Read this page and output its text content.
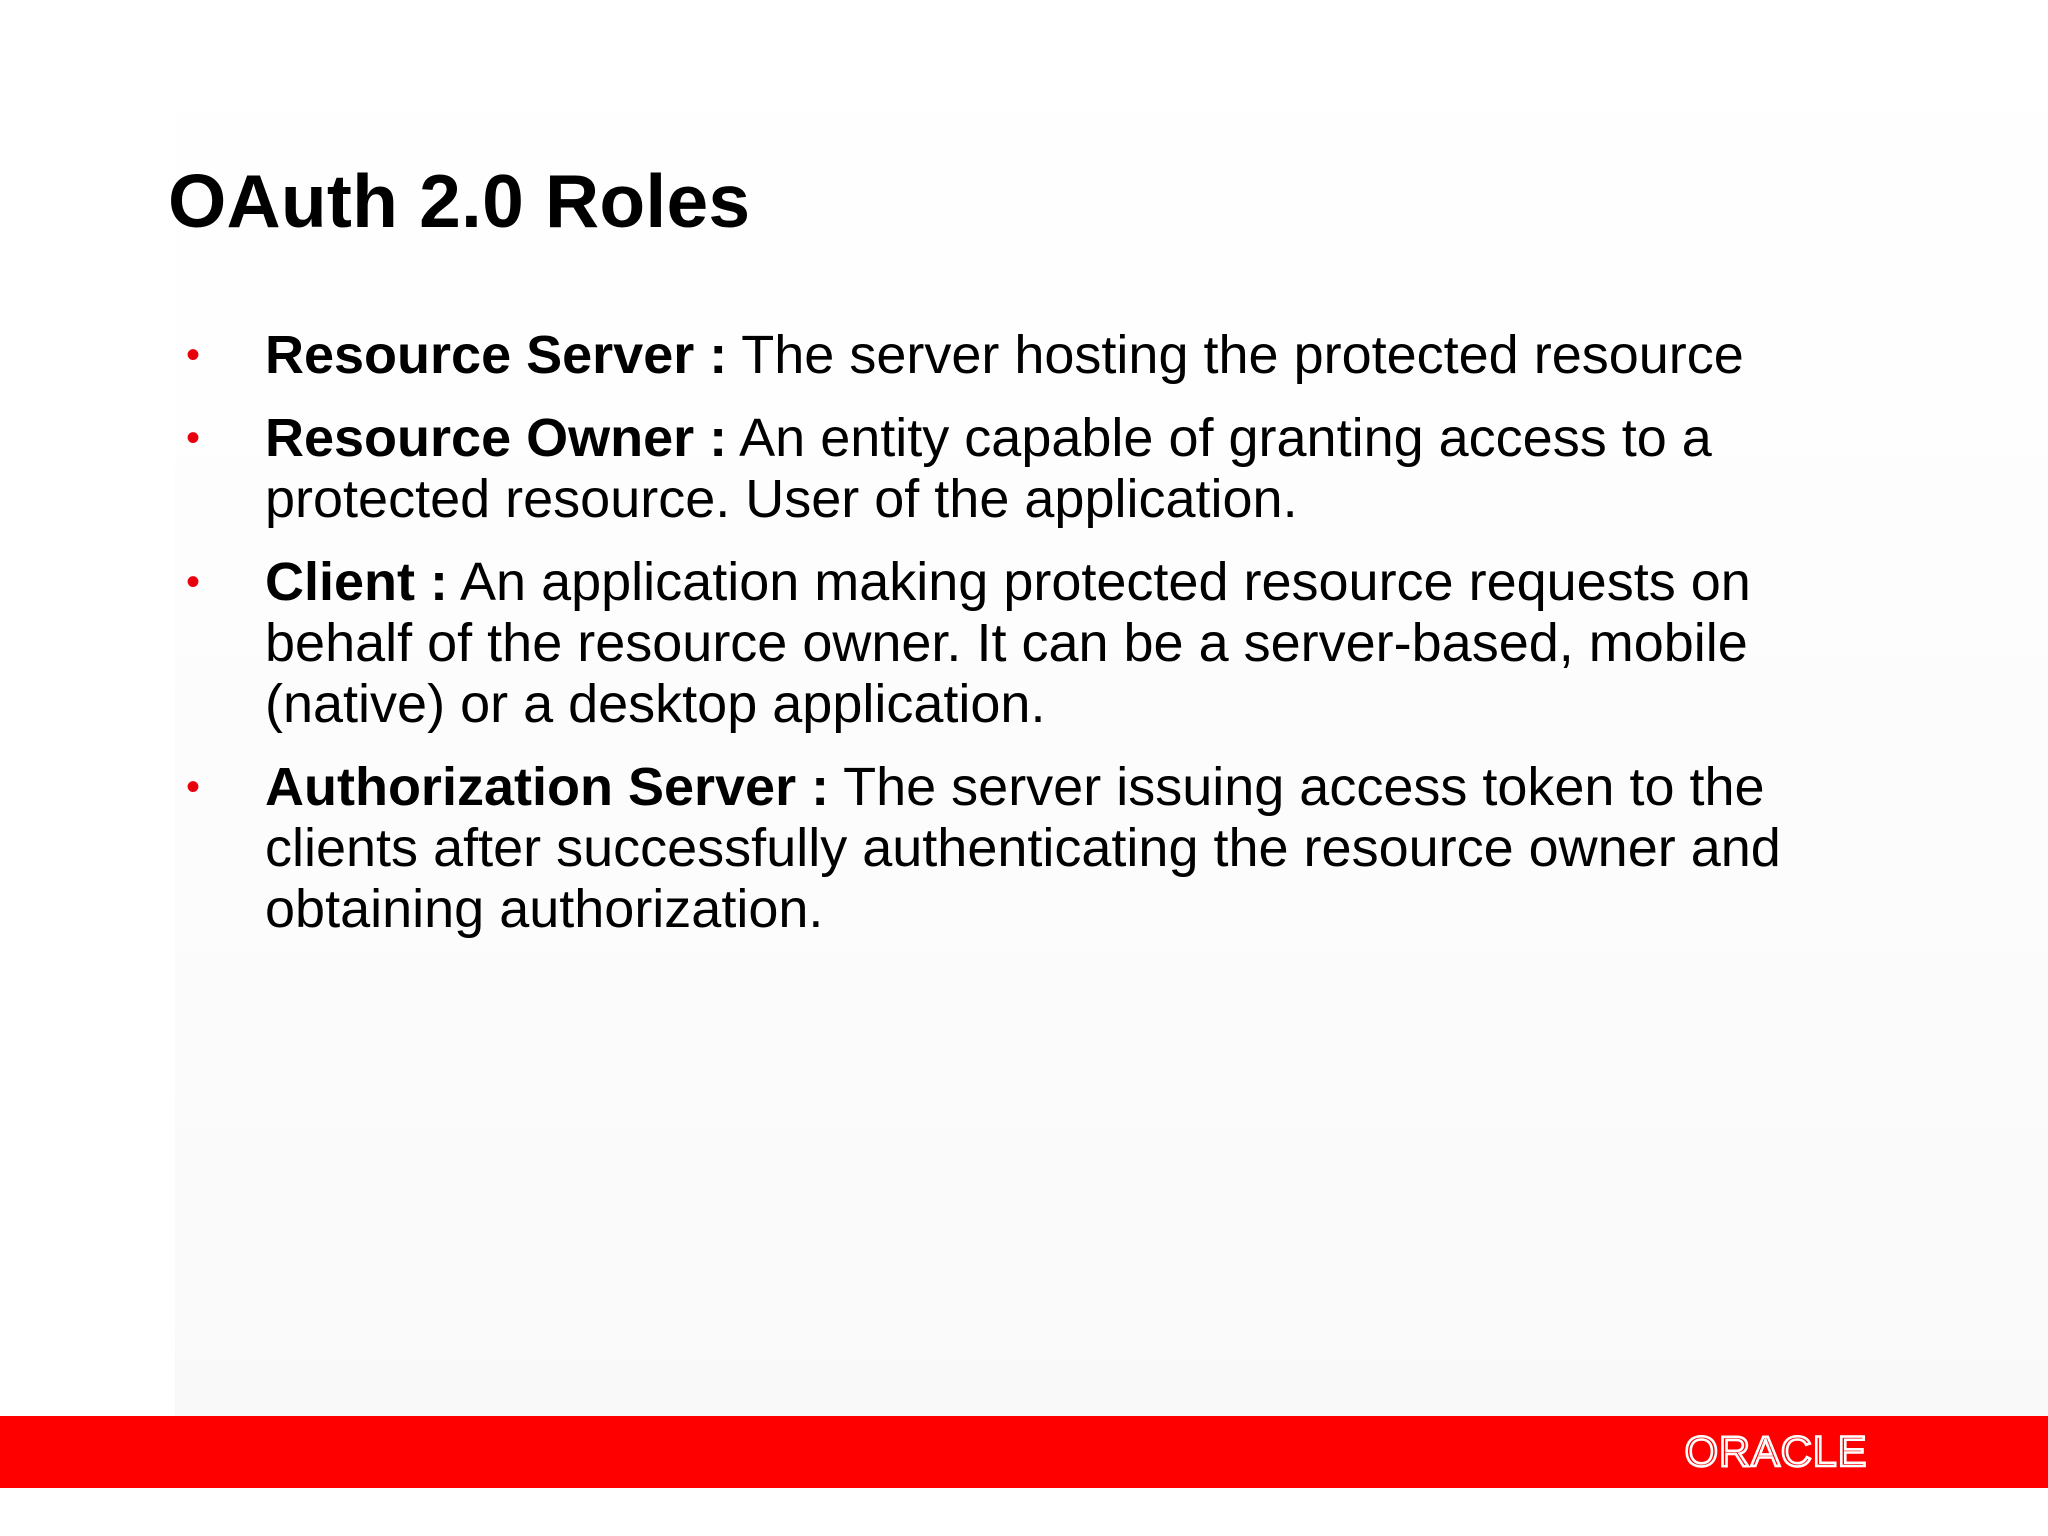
OAuth 2.0 Roles
• Resource Server : The server hosting the protected resource
• Resource Owner : An entity capable of granting access to a protected resource. User of the application.
• Client : An application making protected resource requests on behalf of the resource owner. It can be a server-based, mobile (native) or a desktop application.
• Authorization Server : The server issuing access token to the clients after successfully authenticating the resource owner and obtaining authorization.
ORACLE
